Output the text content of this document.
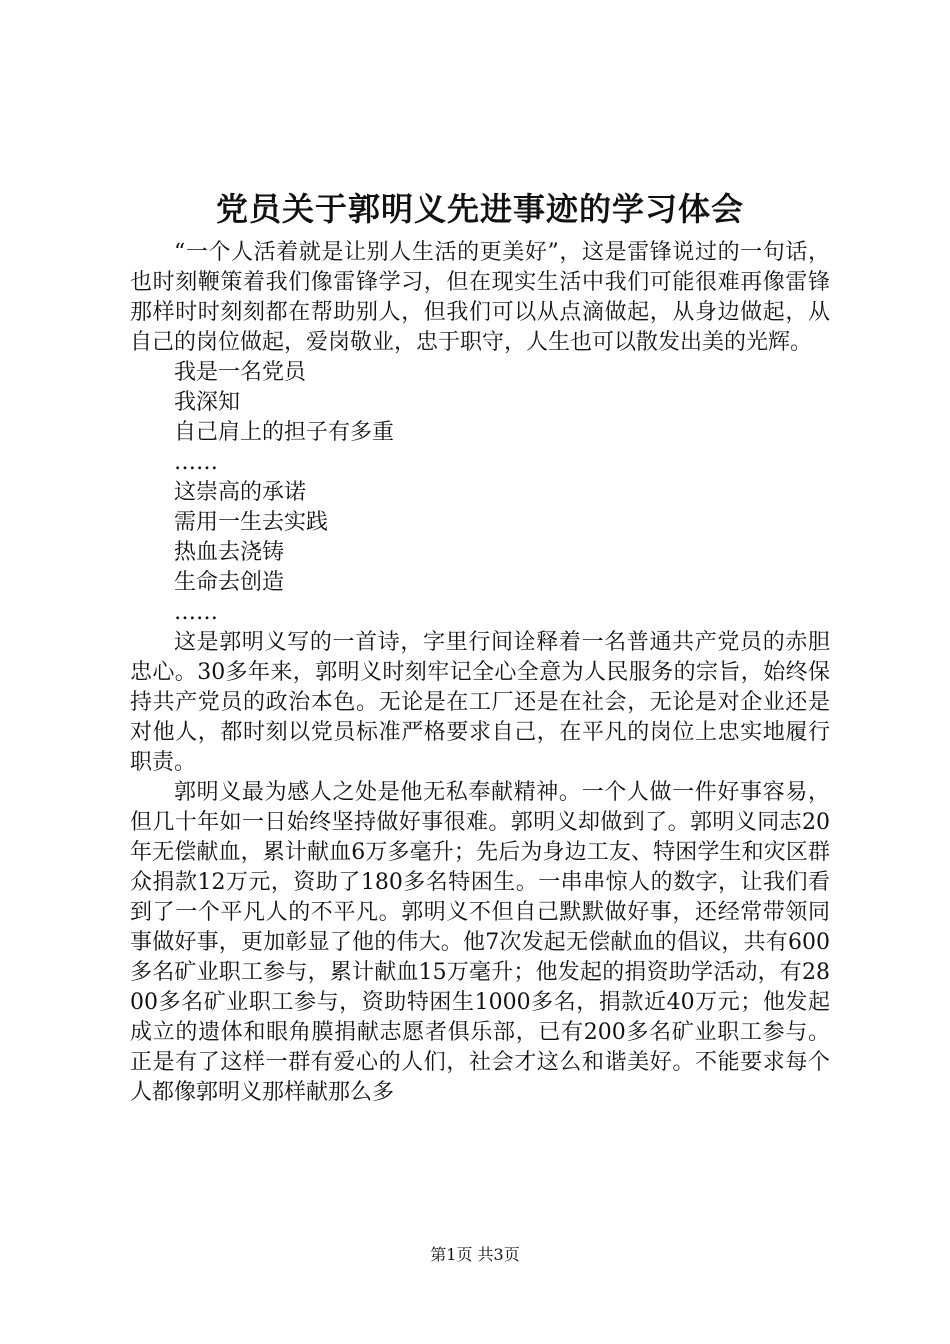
党员关于郭明义先进事迹的学习体会

“一个人活着就是让别人生活的更美好”，这是雷锋说过的一句话，也时刻鞭策着我们像雷锋学习，但在现实生活中我们可能很难再像雷锋那样时时刻刻都在帮助别人，但我们可以从点滴做起，从身边做起，从自己的岗位做起，爱岗敬业，忠于职守，人生也可以散发出美的光辉。

我是一名党员
我深知
自己肩上的担子有多重
……
这崇高的承诺
需用一生去实践
热血去浇铸
生命去创造
……

这是郭明义写的一首诗，字里行间诠释着一名普通共产党员的赤胆忠心。30多年来，郭明义时刻牢记全心全意为人民服务的宗旨，始终保持共产党员的政治本色。无论是在工厂还是在社会，无论是对企业还是对他人，都时刻以党员标准严格要求自己，在平凡的岗位上忠实地履行职责。

郭明义最为感人之处是他无私奉献精神。一个人做一件好事容易，但几十年如一日始终坚持做好事很难。郭明义却做到了。郭明义同志20年无偿献血，累计献血6万多毫升；先后为身边工友、特困学生和灾区群众捐款12万元，资助了180多名特困生。一串串惊人的数字，让我们看到了一个平凡人的不平凡。郭明义不但自己默默做好事，还经常带领同事做好事，更加彰显了他的伟大。他7次发起无偿献血的倡议，共有600多名矿业职工参与，累计献血15万毫升；他发起的捐资助学活动，有2800多名矿业职工参与，资助特困生1000多名，捐款近40万元；他发起成立的遗体和眼角膜捐献志愿者俱乐部，已有200多名矿业职工参与。正是有了这样一群有爱心的人们，社会才这么和谐美好。不能要求每个人都像郭明义那样献那么多

第1页 共3页
